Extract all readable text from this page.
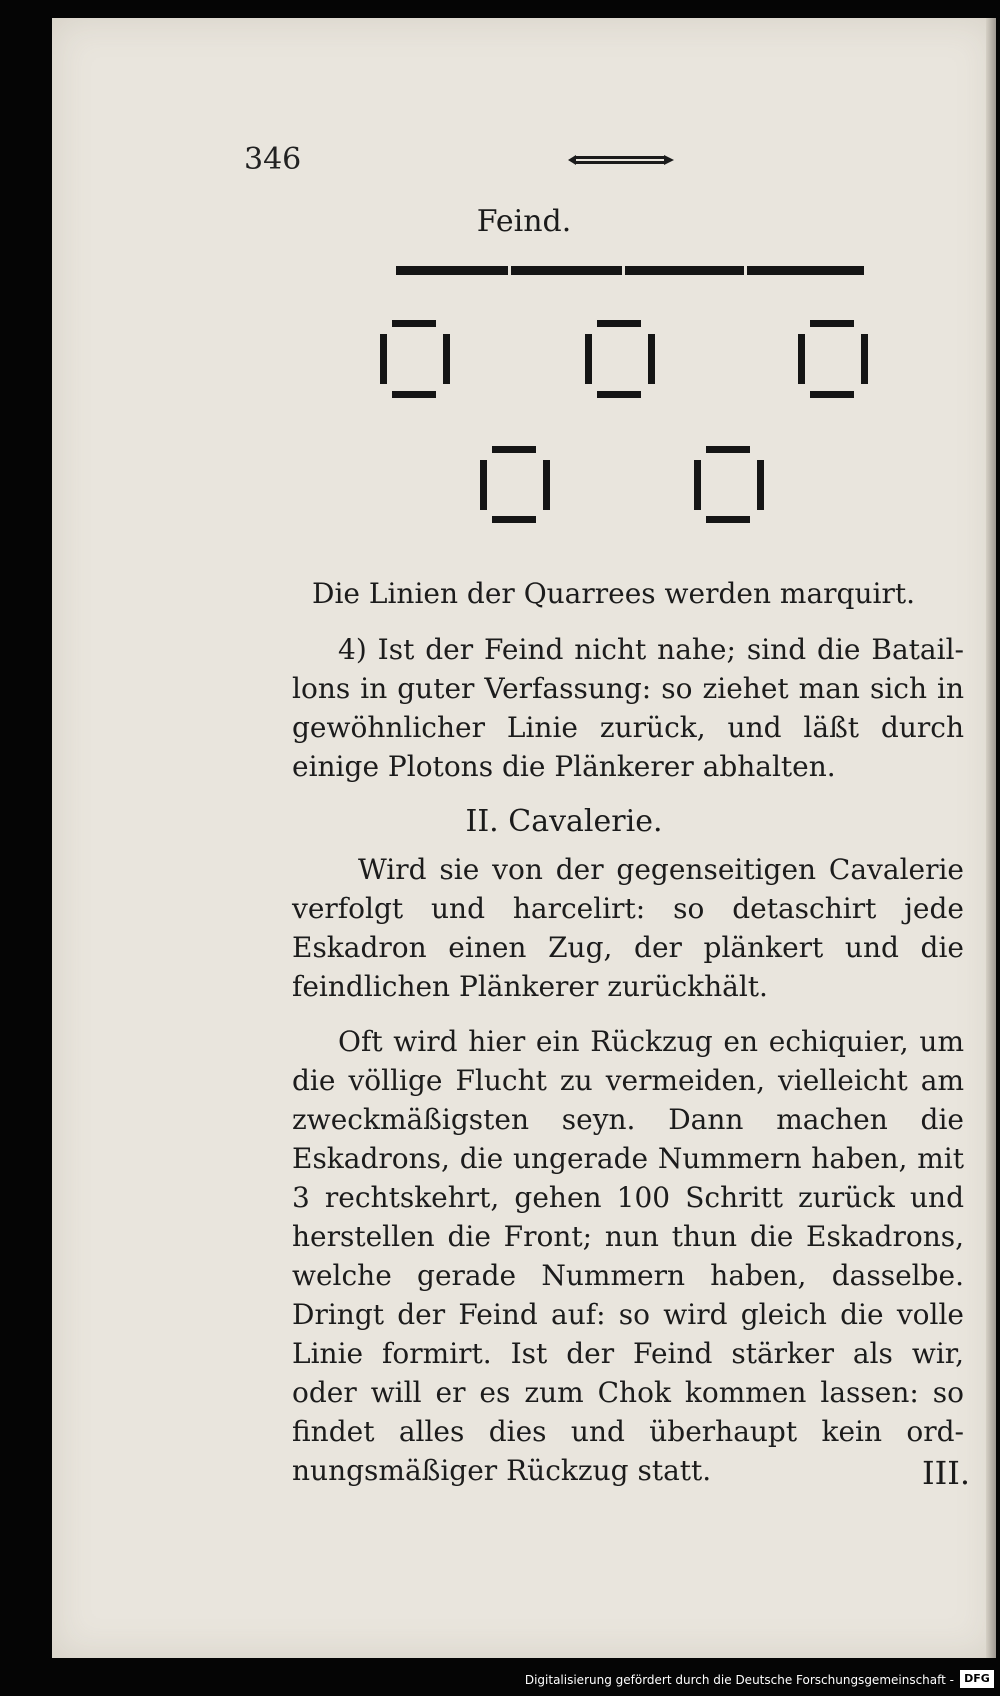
346
Feind.
Die Linien der Quarrees werden marquirt.
4) Ist der Feind nicht nahe; sind die Bataillons in guter Verfassung: so ziehet man sich in gewöhnlicher Linie zurück, und läßt durch einige Plotons die Plänkerer abhalten.
II. Cavalerie.
Wird sie von der gegenseitigen Cavalerie verfolgt und harcelirt: so detaschirt jede Eskadron einen Zug, der plänkert und die feindlichen Plänkerer zurückhält.
Oft wird hier ein Rückzug en echiquier, um die völlige Flucht zu vermeiden, vielleicht am zweckmäßigsten seyn. Dann machen die Eskadrons, die ungerade Nummern haben, mit 3 rechtskehrt, gehen 100 Schritt zurück und herstellen die Front; nun thun die Eskadrons, welche gerade Nummern haben, dasselbe. Dringt der Feind auf: so wird gleich die volle Linie formirt. Ist der Feind stärker als wir, oder will er es zum Chok kommen lassen: so findet alles dies und überhaupt kein ordnungsmäßiger Rückzug statt.	III.
Digitalisierung gefördert durch die Deutsche Forschungsgemeinschaft - DFG
